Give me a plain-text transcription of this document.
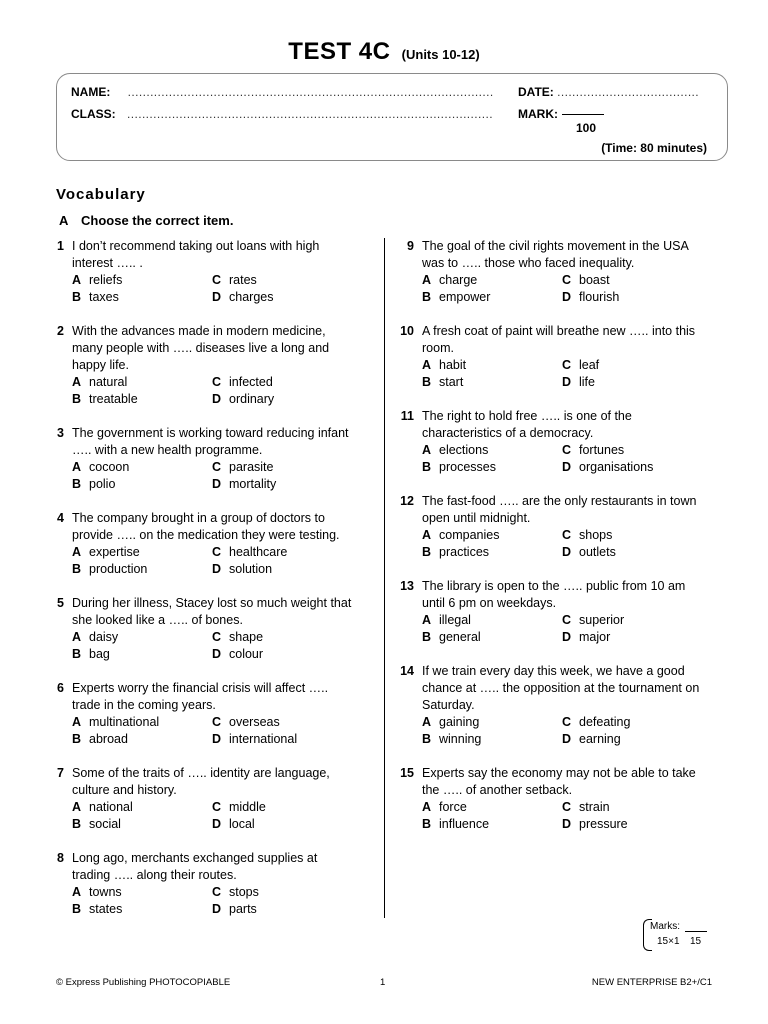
TEST 4C (Units 10-12)
NAME: .................................................................................................. DATE: ......................................
CLASS: .................................................................................................. MARK:
100
(Time: 80 minutes)
Vocabulary
A Choose the correct item.
1 I don’t recommend taking out loans with high interest ….. .
A reliefs
B taxes
C rates
D charges
2 With the advances made in modern medicine, many people with ….. diseases live a long and happy life.
A natural
B treatable
C infected
D ordinary
3 The government is working toward reducing infant ….. with a new health programme.
A cocoon
B polio
C parasite
D mortality
4 The company brought in a group of doctors to provide ….. on the medication they were testing.
A expertise
B production
C healthcare
D solution
5 During her illness, Stacey lost so much weight that she looked like a ….. of bones.
A daisy
B bag
C shape
D colour
6 Experts worry the financial crisis will affect ….. trade in the coming years.
A multinational
B abroad
C overseas
D international
7 Some of the traits of ….. identity are language, culture and history.
A national
B social
C middle
D local
8 Long ago, merchants exchanged supplies at trading ….. along their routes.
A towns
B states
C stops
D parts
9 The goal of the civil rights movement in the USA was to ….. those who faced inequality.
A charge
B empower
C boast
D flourish
10 A fresh coat of paint will breathe new ….. into this room.
A habit
B start
C leaf
D life
11 The right to hold free ….. is one of the characteristics of a democracy.
A elections
B processes
C fortunes
D organisations
12 The fast-food ….. are the only restaurants in town open until midnight.
A companies
B practices
C shops
D outlets
13 The library is open to the ….. public from 10 am until 6 pm on weekdays.
A illegal
B general
C superior
D major
14 If we train every day this week, we have a good chance at ….. the opposition at the tournament on Saturday.
A gaining
B winning
C defeating
D earning
15 Experts say the economy may not be able to take the ….. of another setback.
A force
B influence
C strain
D pressure
Marks:
15×1 15
© Express Publishing PHOTOCOPIABLE	1	NEW ENTERPRISE B2+/C1
